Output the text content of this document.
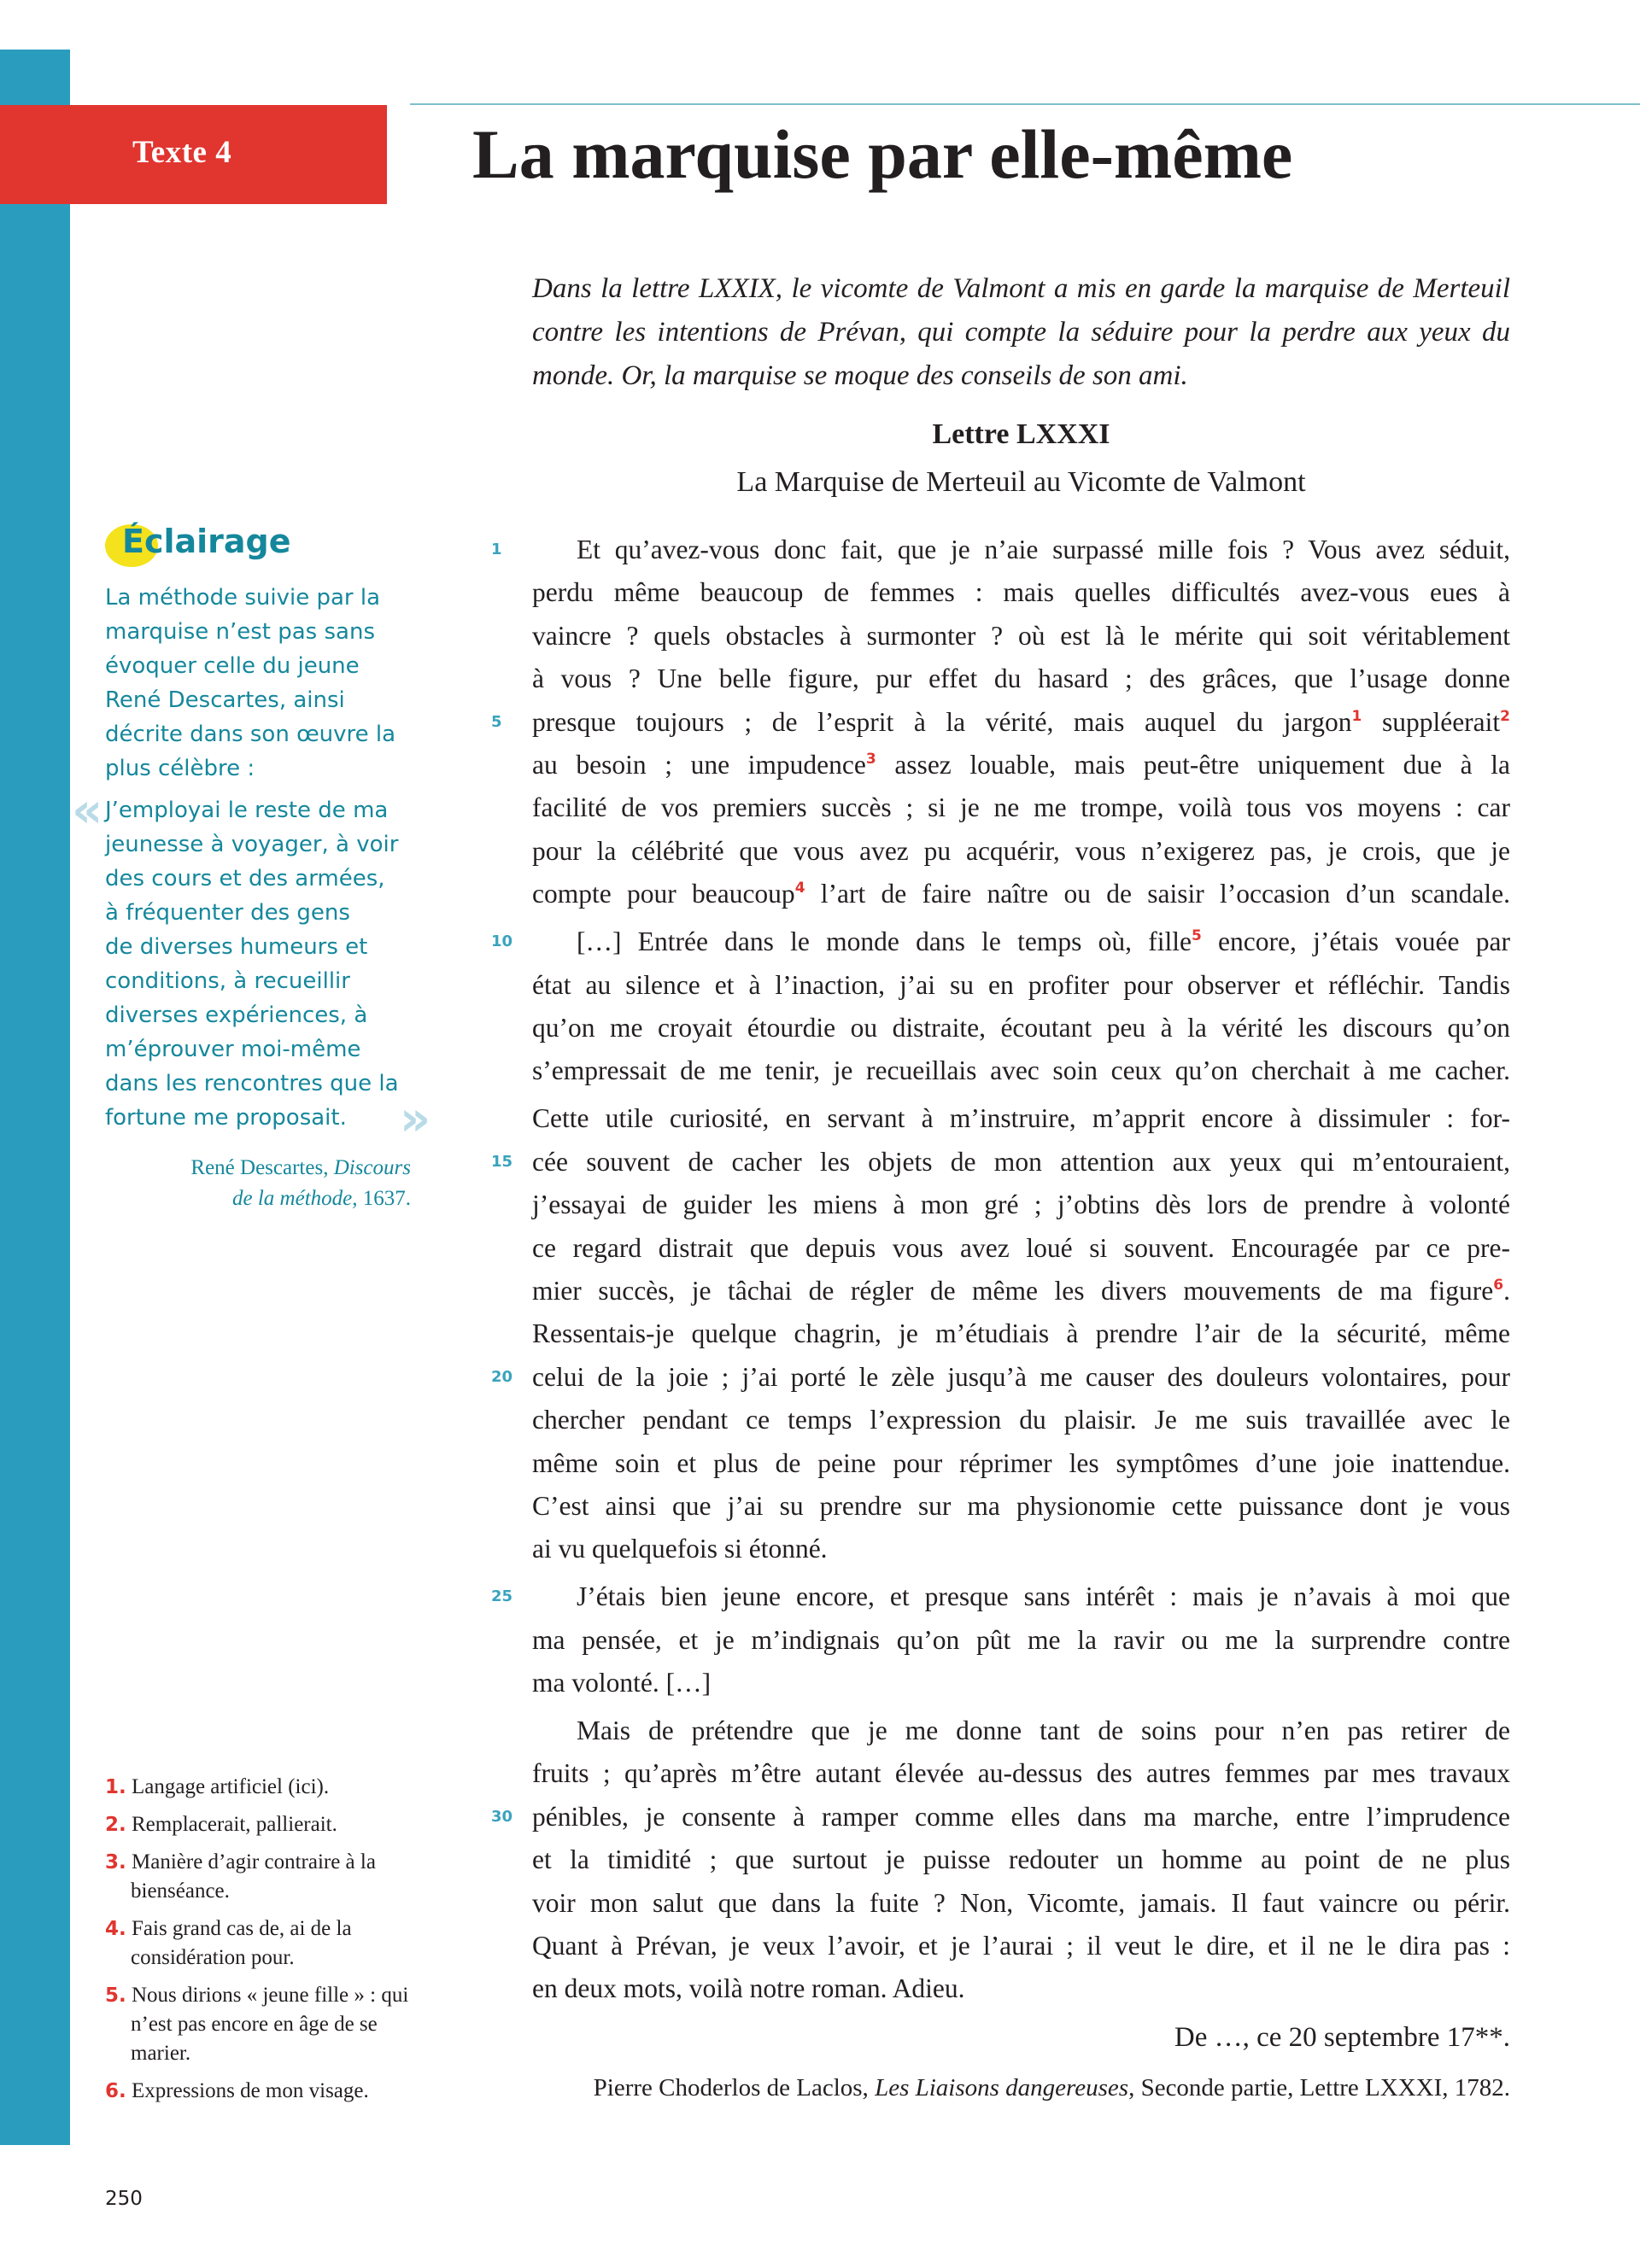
Texte 4	La marquise par elle-même
Dans la lettre LXXIX, le vicomte de Valmont a mis en garde la marquise de Merteuil
contre les intentions de Prévan, qui compte la séduire pour la perdre aux yeux du
monde. Or, la marquise se moque des conseils de son ami.
Lettre LXXXI
La Marquise de Merteuil au Vicomte de Valmont
1	Et qu’avez-vous donc fait, que je n’aie surpassé mille fois ? Vous avez séduit,
perdu même beaucoup de femmes : mais quelles difficultés avez-vous eues à
vaincre ? quels obstacles à surmonter ? où est là le mérite qui soit véritablement
à vous ? Une belle figure, pur effet du hasard ; des grâces, que l’usage donne
5	presque toujours ; de l’esprit à la vérité, mais auquel du jargon$^1$ suppléerait$^2$
au besoin ; une impudence$^3$ assez louable, mais peut-être uniquement due à la
facilité de vos premiers succès ; si je ne me trompe, voilà tous vos moyens : car
pour la célébrité que vous avez pu acquérir, vous n’exigerez pas, je crois, que je
compte pour beaucoup$^4$ l’art de faire naître ou de saisir l’occasion d’un scandale.
10 […] Entrée dans le monde dans le temps où, fille$^5$ encore, j’étais vouée par
état au silence et à l’inaction, j’ai su en profiter pour observer et réfléchir. Tandis
qu’on me croyait étourdie ou distraite, écoutant peu à la vérité les discours qu’on
s’empressait de me tenir, je recueillais avec soin ceux qu’on cherchait à me cacher.
Cette utile curiosité, en servant à m’instruire, m’apprit encore à dissimuler : for-
15 cée souvent de cacher les objets de mon attention aux yeux qui m’entouraient,
j’essayai de guider les miens à mon gré ; j’obtins dès lors de prendre à volonté
ce regard distrait que depuis vous avez loué si souvent. Encouragée par ce pre-
mier succès, je tâchai de régler de même les divers mouvements de ma figure$^6$.
Ressentais-je quelque chagrin, je m’étudiais à prendre l’air de la sécurité, même
20 celui de la joie ; j’ai porté le zèle jusqu’à me causer des douleurs volontaires, pour
chercher pendant ce temps l’expression du plaisir. Je me suis travaillée avec le
même soin et plus de peine pour réprimer les symptômes d’une joie inattendue.
C’est ainsi que j’ai su prendre sur ma physionomie cette puissance dont je vous
ai vu quelquefois si étonné.
25 J’étais bien jeune encore, et presque sans intérêt : mais je n’avais à moi que
ma pensée, et je m’indignais qu’on pût me la ravir ou me la surprendre contre
ma volonté. […]
Mais de prétendre que je me donne tant de soins pour n’en pas retirer de
fruits ; qu’après m’être autant élevée au-dessus des autres femmes par mes travaux
30 pénibles, je consente à ramper comme elles dans ma marche, entre l’imprudence
et la timidité ; que surtout je puisse redouter un homme au point de ne plus
voir mon salut que dans la fuite ? Non, Vicomte, jamais. Il faut vaincre ou périr.
Quant à Prévan, je veux l’avoir, et je l’aurai ; il veut le dire, et il ne le dira pas :
en deux mots, voilà notre roman. Adieu.
De …, ce 20 septembre 17**.
Pierre Choderlos de Laclos, Les Liaisons dangereuses, Seconde partie, Lettre LXXXI, 1782.
Éclairage
La méthode suivie par la
marquise n’est pas sans
évoquer celle du jeune
René Descartes, ainsi
décrite dans son œuvre la
plus célèbre :
«
»
J’employai le reste de ma
jeunesse à voyager, à voir
des cours et des armées,
à fréquenter des gens
de diverses humeurs et
conditions, à recueillir
diverses expériences, à
m’éprouver moi-même
dans les rencontres que la
fortune me proposait.
René Descartes, Discours
de la méthode, 1637.
1. Langage artificiel (ici).
2. Remplacerait, pallierait.
3. Manière d’agir contraire à la bienséance.
4. Fais grand cas de, ai de la considération pour.
5. Nous dirions « jeune fille » : qui n’est pas encore en âge de se marier.
6. Expressions de mon visage.
250
